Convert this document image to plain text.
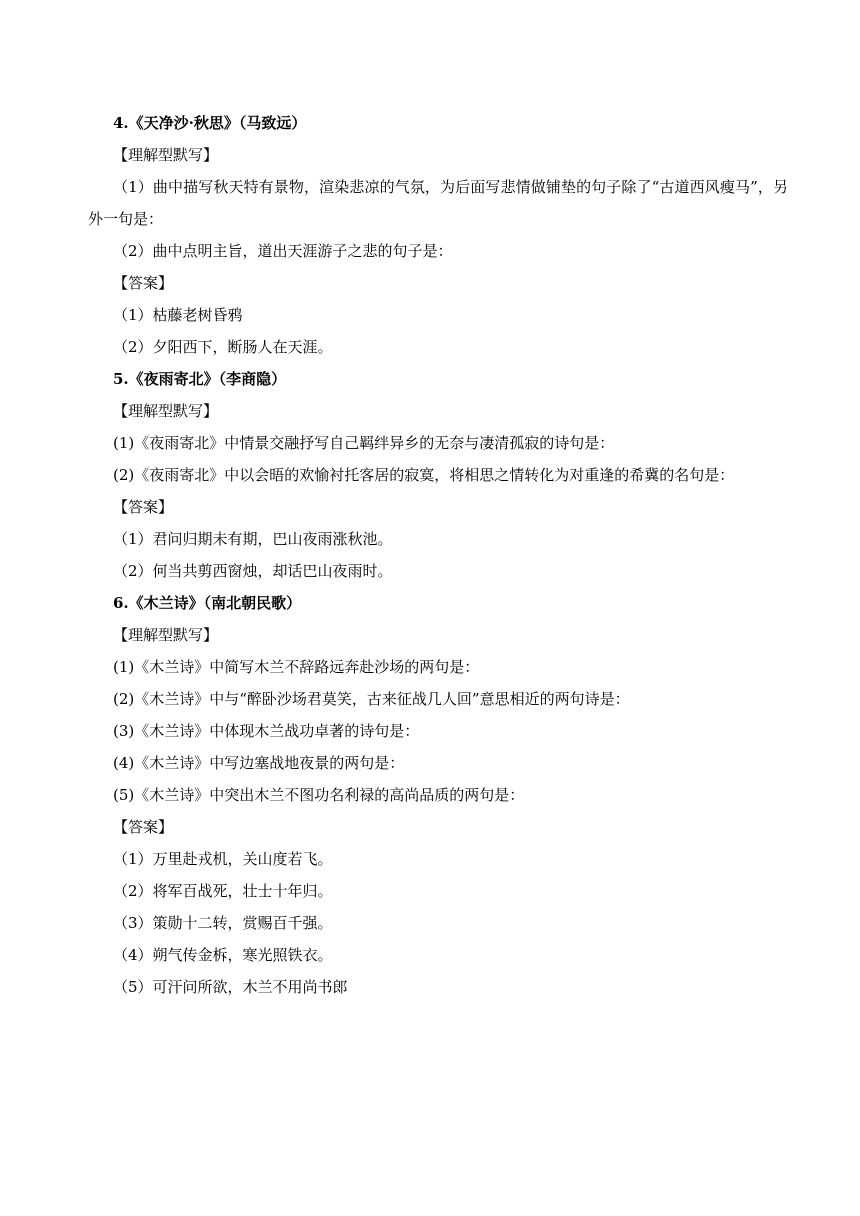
4.《天净沙·秋思》（马致远）
【理解型默写】
（1）曲中描写秋天特有景物，渲染悲凉的气氛，为后面写悲情做铺垫的句子除了“古道西风瘦马”，另外一句是：
（2）曲中点明主旨，道出天涯游子之悲的句子是：
【答案】
（1）枯藤老树昏鸦
（2）夕阳西下，断肠人在天涯。
5.《夜雨寄北》（李商隐）
【理解型默写】
(1)《夜雨寄北》中情景交融抒写自己羁绊异乡的无奈与凄清孤寂的诗句是：
(2)《夜雨寄北》中以会晤的欢愉衬托客居的寂寞，将相思之情转化为对重逢的希冀的名句是：
【答案】
（1）君问归期未有期，巴山夜雨涨秋池。
（2）何当共剪西窗烛，却话巴山夜雨时。
6.《木兰诗》（南北朝民歌）
【理解型默写】
(1)《木兰诗》中简写木兰不辞路远奔赴沙场的两句是：
(2)《木兰诗》中与“醉卧沙场君莫笑，古来征战几人回”意思相近的两句诗是：
(3)《木兰诗》中体现木兰战功卓著的诗句是：
(4)《木兰诗》中写边塞战地夜景的两句是：
(5)《木兰诗》中突出木兰不图功名利禄的高尚品质的两句是：
【答案】
（1）万里赴戎机，关山度若飞。
（2）将军百战死，壮士十年归。
（3）策勋十二转，赏赐百千强。
（4）朔气传金柝，寒光照铁衣。
（5）可汗问所欲，木兰不用尚书郎
